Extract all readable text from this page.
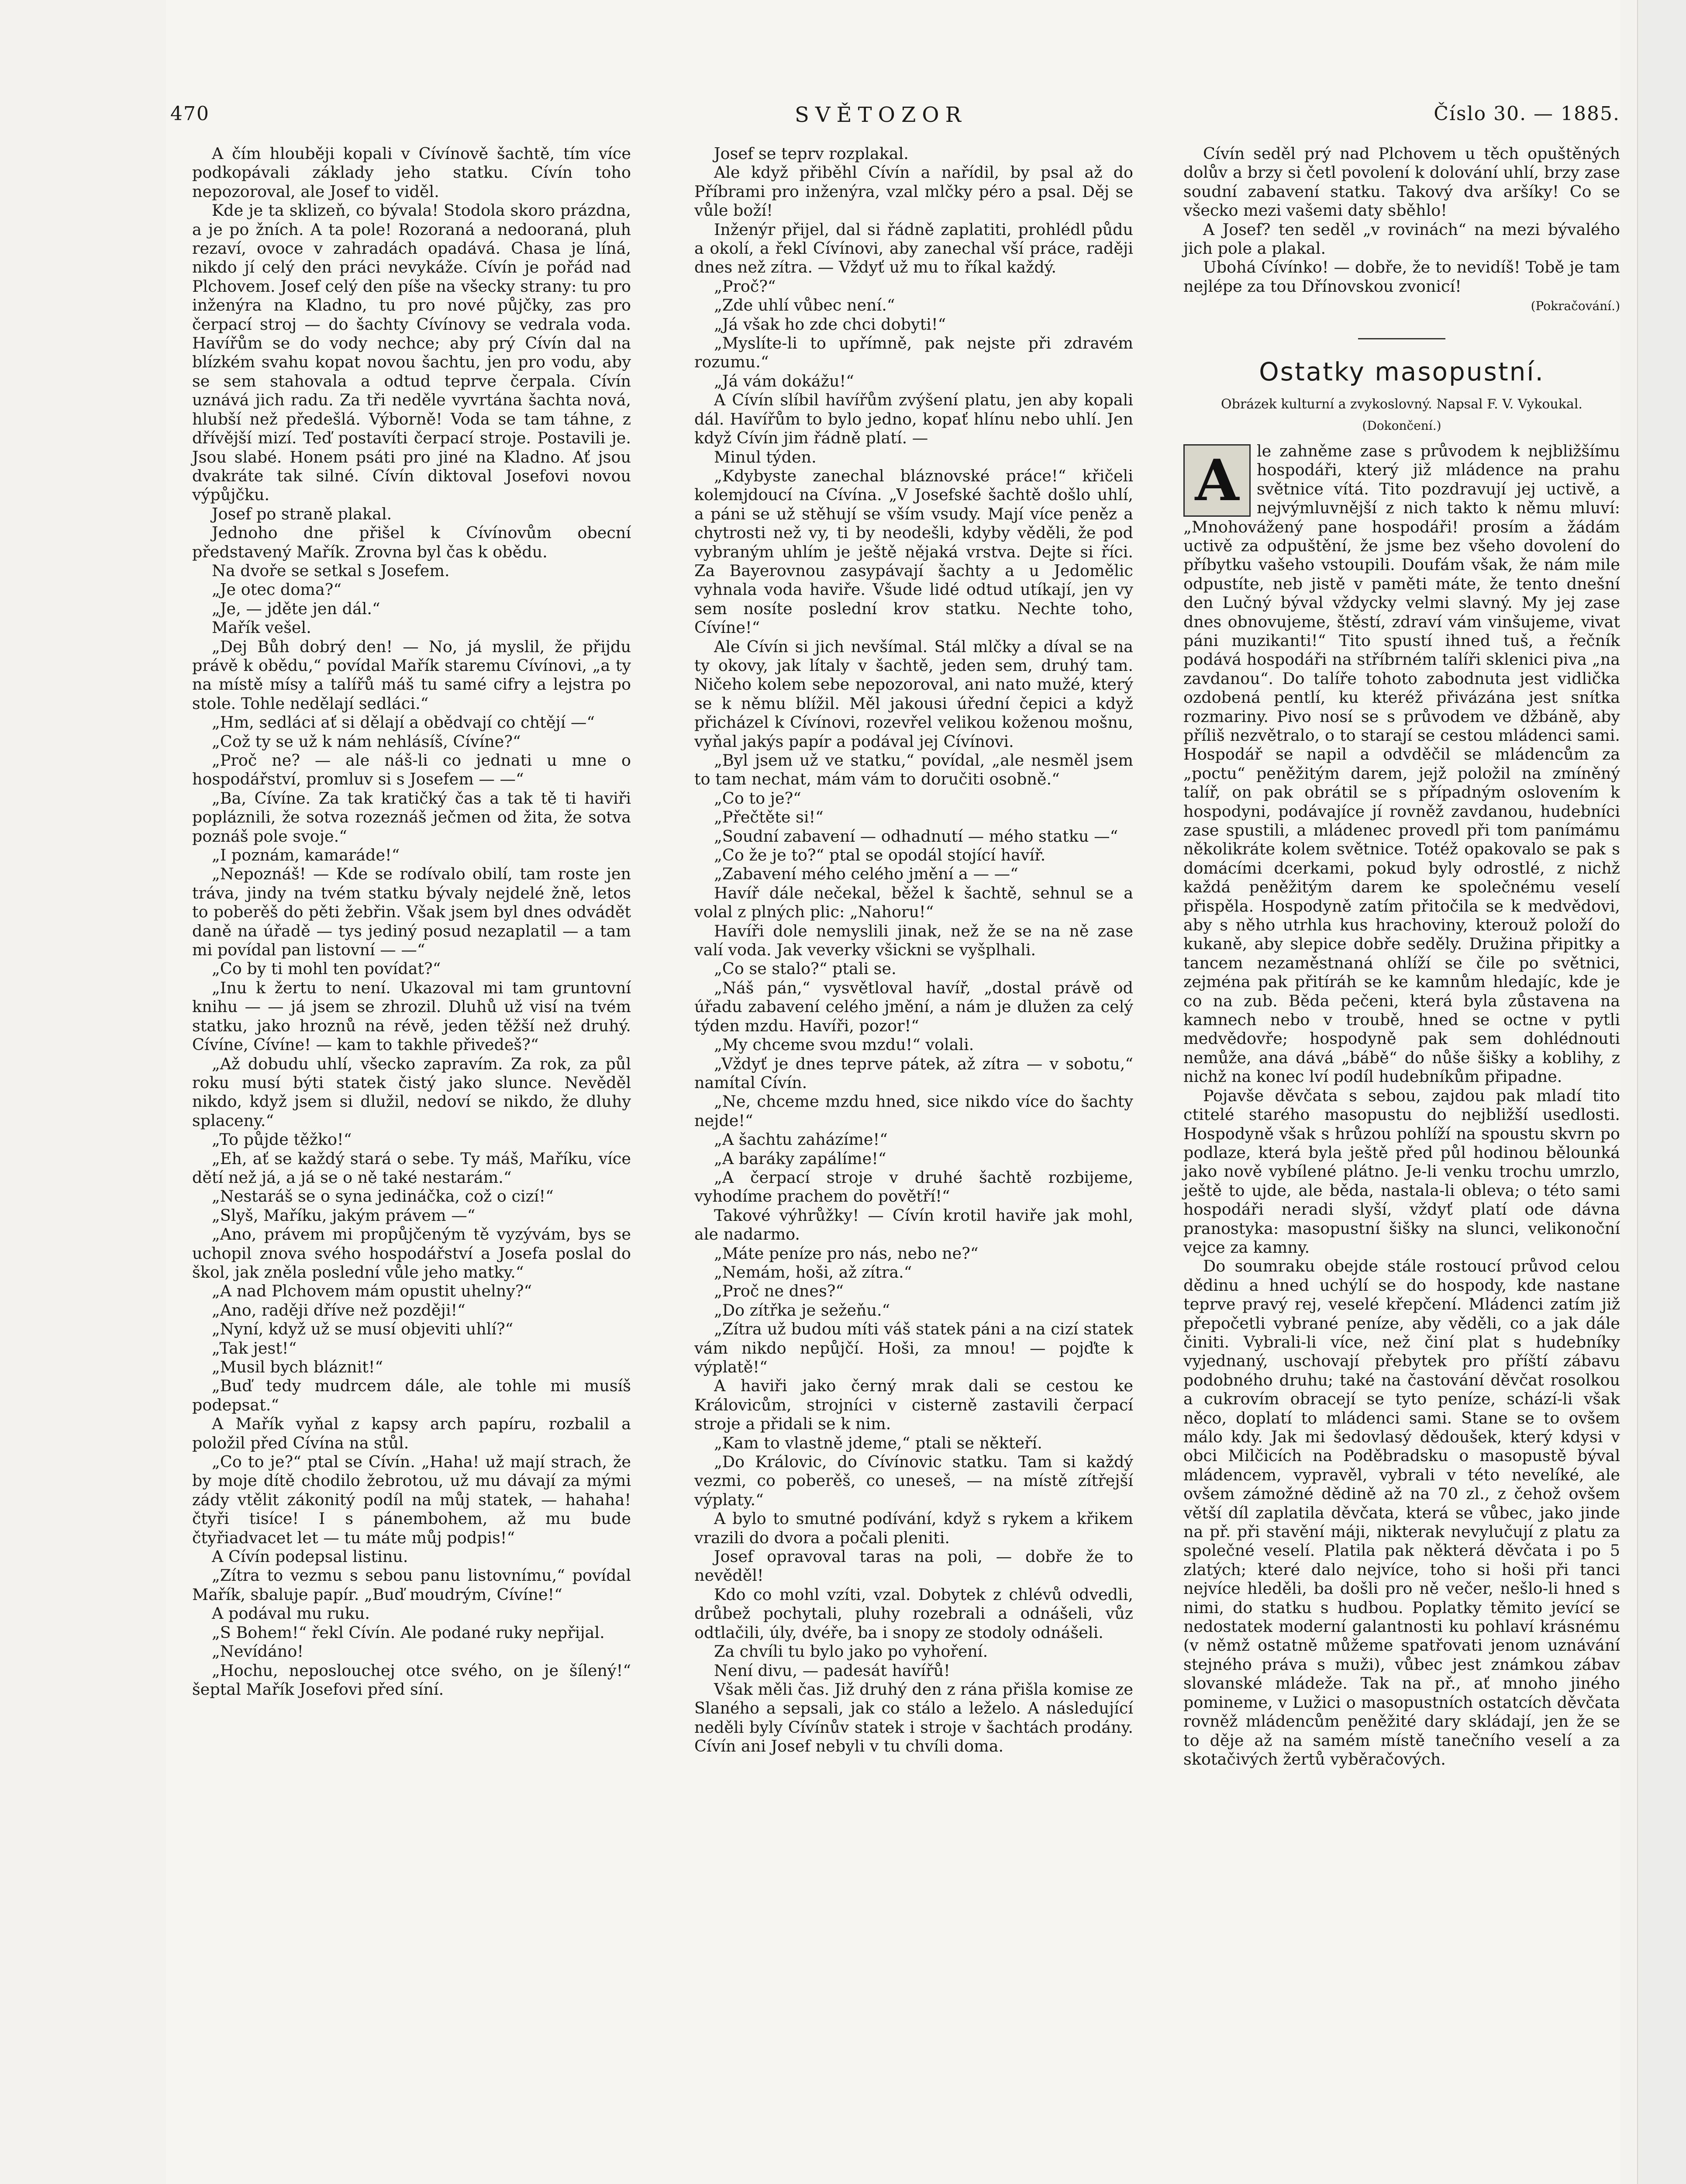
470	SVĚTOZOR	Číslo 30. — 1885.

A čím hlouběji kopali v Cívínově šachtě, tím více podkopávali základy jeho statku. Cívín toho nepozoroval, ale Josef to viděl.

Kde je ta sklizeň, co bývala! Stodola skoro prázdna, a je po žních. A ta pole! Rozoraná a nedooraná, pluh rezaví, ovoce v zahradách opadává. Chasa je líná, nikdo jí celý den práci nevykáže. Cívín je pořád nad Plchovem. Josef celý den píše na všecky strany: tu pro inženýra na Kladno, tu pro nové půjčky, zas pro čerpací stroj — do šachty Cívínovy se vedrala voda. Havířům se do vody nechce; aby prý Cívín dal na blízkém svahu kopat novou šachtu, jen pro vodu, aby se sem stahovala a odtud teprve čerpala. Cívín uznává jich radu. Za tři neděle vyvrtána šachta nová, hlubší než předešlá. Výborně! Voda se tam táhne, z dřívější mizí. Teď postavíti čerpací stroje. Postavili je. Jsou slabé. Honem psáti pro jiné na Kladno. Ať jsou dvakráte tak silné. Cívín diktoval Josefovi novou výpůjčku.

Josef po straně plakal.

Jednoho dne přišel k Cívínovům obecní představený Mařík. Zrovna byl čas k obědu.

Na dvoře se setkal s Josefem.

„Je otec doma?“

„Je, — jděte jen dál.“

Mařík vešel.

„Dej Bůh dobrý den! — No, já myslil, že přijdu právě k obědu,“ povídal Mařík staremu Cívínovi, „a ty na místě mísy a talířů máš tu samé cifry a lejstra po stole. Tohle nedělají sedláci.“

„Hm, sedláci ať si dělají a obědvají co chtějí —“

„Což ty se už k nám nehlásíš, Cívíne?“

„Proč ne? — ale náš-li co jednati u mne o hospodářství, promluv si s Josefem — —“

„Ba, Cívíne. Za tak kratičký čas a tak tě ti haviři popláznili, že sotva rozeznáš ječmen od žita, že sotva poznáš pole svoje.“

„I poznám, kamaráde!“

„Nepoznáš! — Kde se rodívalo obilí, tam roste jen tráva, jindy na tvém statku bývaly nejdelé žně, letos to poberěš do pěti žebřin. Však jsem byl dnes odvádět daně na úřadě — tys jediný posud nezaplatil — a tam mi povídal pan listovní — —“

„Co by ti mohl ten povídat?“

„Inu k žertu to není. Ukazoval mi tam gruntovní knihu — — já jsem se zhrozil. Dluhů už visí na tvém statku, jako hroznů na révě, jeden těžší než druhý. Cívíne, Cívíne! — kam to takhle přivedeš?“

„Až dobudu uhlí, všecko zapravím. Za rok, za půl roku musí býti statek čistý jako slunce. Nevěděl nikdo, když jsem si dlužil, nedoví se nikdo, že dluhy splaceny.“

„To půjde těžko!“

„Eh, ať se každý stará o sebe. Ty máš, Maříku, více dětí než já, a já se o ně také nestarám.“

„Nestaráš se o syna jedináčka, což o cizí!“

„Slyš, Maříku, jakým právem —“

„Ano, právem mi propůjčeným tě vyzývám, bys se uchopil znova svého hospodářství a Josefa poslal do škol, jak zněla poslední vůle jeho matky.“

„A nad Plchovem mám opustit uhelny?“

„Ano, raději dříve než později!“

„Nyní, když už se musí objeviti uhlí?“

„Tak jest!“

„Musil bych bláznit!“

„Buď tedy mudrcem dále, ale tohle mi musíš podepsat.“

A Mařík vyňal z kapsy arch papíru, rozbalil a položil před Cívína na stůl.

„Co to je?“ ptal se Cívín. „Haha! už mají strach, že by moje dítě chodilo žebrotou, už mu dávají za mými zády vtělit zákonitý podíl na můj statek, — hahaha! čtyři tisíce! I s pánembohem, až mu bude čtyřiadvacet let — tu máte můj podpis!“

A Cívín podepsal listinu.

„Zítra to vezmu s sebou panu listovnímu,“ povídal Mařík, sbaluje papír. „Buď moudrým, Cívíne!“

A podával mu ruku.

„S Bohem!“ řekl Cívín. Ale podané ruky nepřijal.

„Nevídáno!

„Hochu, neposlouchej otce svého, on je šílený!“ šeptal Mařík Josefovi před síní.

Josef se teprv rozplakal.

Ale když přiběhl Cívín a nařídil, by psal až do Příbrami pro inženýra, vzal mlčky péro a psal. Děj se vůle boží!

Inženýr přijel, dal si řádně zaplatiti, prohlédl půdu a okolí, a řekl Cívínovi, aby zanechal vší práce, raději dnes než zítra. — Vždyť už mu to říkal každý.

„Proč?“

„Zde uhlí vůbec není.“

„Já však ho zde chci dobyti!“

„Myslíte-li to upřímně, pak nejste při zdravém rozumu.“

„Já vám dokážu!“

A Cívín slíbil havířům zvýšení platu, jen aby kopali dál. Havířům to bylo jedno, kopať hlínu nebo uhlí. Jen když Cívín jim řádně platí. —

Minul týden.

„Kdybyste zanechal bláznovské práce!“ křičeli kolemjdoucí na Cívína. „V Josefské šachtě došlo uhlí, a páni se už stěhují se vším vsudy. Mají více peněz a chytrosti než vy, ti by neodešli, kdyby věděli, že pod vybraným uhlím je ještě nějaká vrstva. Dejte si říci. Za Bayerovnou zasypávají šachty a u Jedomělic vyhnala voda haviře. Všude lidé odtud utíkají, jen vy sem nosíte poslední krov statku. Nechte toho, Cívíne!“

Ale Cívín si jich nevšímal. Stál mlčky a díval se na ty okovy, jak lítaly v šachtě, jeden sem, druhý tam. Ničeho kolem sebe nepozoroval, ani nato mužé, který se k němu blížil. Měl jakousi úřední čepici a když přicházel k Cívínovi, rozevřel velikou koženou mošnu, vyňal jakýs papír a podával jej Cívínovi.

„Byl jsem už ve statku,“ povídal, „ale nesměl jsem to tam nechat, mám vám to doručiti osobně.“

„Co to je?“

„Přečtěte si!“

„Soudní zabavení — odhadnutí — mého statku —“

„Co že je to?“ ptal se opodál stojící havíř.

„Zabavení mého celého jmění a — —“

Havíř dále nečekal, běžel k šachtě, sehnul se a volal z plných plic: „Nahoru!“

Havíři dole nemyslili jinak, než že se na ně zase valí voda. Jak veverky všickni se vyšplhali.

„Co se stalo?“ ptali se.

„Náš pán,“ vysvětloval havíř, „dostal právě od úřadu zabavení celého jmění, a nám je dlužen za celý týden mzdu. Havíři, pozor!“

„My chceme svou mzdu!“ volali.

„Vždyť je dnes teprve pátek, až zítra — v sobotu,“ namítal Cívín.

„Ne, chceme mzdu hned, sice nikdo více do šachty nejde!“

„A šachtu zaházíme!“

„A baráky zapálíme!“

„A čerpací stroje v druhé šachtě rozbijeme, vyhodíme prachem do povětří!“

Takové výhrůžky! — Cívín krotil haviře jak mohl, ale nadarmo.

„Máte peníze pro nás, nebo ne?“

„Nemám, hoši, až zítra.“

„Proč ne dnes?“

„Do zítřka je sežeňu.“

„Zítra už budou míti váš statek páni a na cizí statek vám nikdo nepůjčí. Hoši, za mnou! — pojďte k výplatě!“

A haviři jako černý mrak dali se cestou ke Královicům, strojníci v cisterně zastavili čerpací stroje a přidali se k nim.

„Kam to vlastně jdeme,“ ptali se někteří.

„Do Královic, do Cívínovic statku. Tam si každý vezmi, co poberěš, co uneseš, — na místě zítřejší výplaty.“

A bylo to smutné podívání, když s rykem a křikem vrazili do dvora a počali pleniti.

Josef opravoval taras na poli, — dobře že to nevěděl!

Kdo co mohl vzíti, vzal. Dobytek z chlévů odvedli, drůbež pochytali, pluhy rozebrali a odnášeli, vůz odtlačili, úly, dvéře, ba i snopy ze stodoly odnášeli.

Za chvíli tu bylo jako po vyhoření.

Není divu, — padesát havířů!

Však měli čas. Již druhý den z rána přišla komise ze Slaného a sepsali, jak co stálo a leželo. A následující neděli byly Cívínův statek i stroje v šachtách prodány. Cívín ani Josef nebyli v tu chvíli doma.

Cívín seděl prý nad Plchovem u těch opuštěných dolův a brzy si četl povolení k dolování uhlí, brzy zase soudní zabavení statku. Takový dva aršíky! Co se všecko mezi vašemi daty sběhlo!

A Josef? ten seděl „v rovinách“ na mezi bývalého jich pole a plakal.

Ubohá Cívínko! — dobře, že to nevidíš! Tobě je tam nejlépe za tou Dřínovskou zvonicí!

(Pokračování.)

Ostatky masopustní.

Obrázek kulturní a zvykoslovný. Napsal F. V. Vykoukal.

(Dokončení.)

A	le zahněme zase s průvodem k nejbližšímu hospodáři, který již mládence na prahu světnice vítá. Tito pozdravují jej uctivě, a nejvýmluvnější z nich takto k němu mluví: „Mnohovážený pane hospodáři! prosím a žádám uctivě za odpuštění, že jsme bez všeho dovolení do příbytku vašeho vstoupili. Doufám však, že nám mile odpustíte, neb jistě v paměti máte, že tento dnešní den Lučný býval vždycky velmi slavný. My jej zase dnes obnovujeme, štěstí, zdraví vám vinšujeme, vivat páni muzikanti!“ Tito spustí ihned tuš, a řečník podává hospodáři na stříbrném talíři sklenici piva „na zavdanou“. Do talíře tohoto zabodnuta jest vidlička ozdobená pentlí, ku kteréž přivázána jest snítka rozmariny. Pivo nosí se s průvodem ve džbáně, aby příliš nezvětralo, o to starají se cestou mládenci sami. Hospodář se napil a odvděčil se mládencům za „poctu“ peněžitým darem, jejž položil na zmíněný talíř, on pak obrátil se s případným oslovením k hospodyni, podávajíce jí rovněž zavdanou, hudebníci zase spustili, a mládenec provedl při tom panímámu několikráte kolem světnice. Totéž opakovalo se pak s domácími dcerkami, pokud byly odrostlé, z nichž každá peněžitým darem ke společnému veselí přispěla. Hospodyně zatím přitočila se k medvědovi, aby s něho utrhla kus hrachoviny, kterouž položí do kukaně, aby slepice dobře seděly. Družina připitky a tancem nezaměstnaná ohlíží se čile po světnici, zejména pak přitíráh se ke kamnům hledajíc, kde je co na zub. Běda pečeni, která byla zůstavena na kamnech nebo v troubě, hned se octne v pytli medvědovře; hospodyně pak sem dohlédnouti nemůže, ana dává „bábě“ do nůše šišky a koblihy, z nichž na konec lví podíl hudebníkům připadne.

Pojavše děvčata s sebou, zajdou pak mladí tito ctitelé starého masopustu do nejbližší usedlosti. Hospodyně však s hrůzou pohlíží na spoustu skvrn po podlaze, která byla ještě před půl hodinou bělounká jako nově vybílené plátno. Je-li venku trochu umrzlo, ještě to ujde, ale běda, nastala-li obleva; o této sami hospodáři neradi slyší, vždyť platí ode dávna pranostyka: masopustní šišky na slunci, velikonoční vejce za kamny.

Do soumraku obejde stále rostoucí průvod celou dědinu a hned uchýlí se do hospody, kde nastane teprve pravý rej, veselé křepčení. Mládenci zatím již přepočetli vybrané peníze, aby věděli, co a jak dále činiti. Vybrali-li více, než činí plat s hudebníky vyjednaný, uschovají přebytek pro příští zábavu podobného druhu; také na častování děvčat rosolkou a cukrovím obracejí se tyto peníze, schází-li však něco, doplatí to mládenci sami. Stane se to ovšem málo kdy. Jak mi šedovlasý dědoušek, který kdysi v obci Milčicích na Poděbradsku o masopustě býval mládencem, vypravěl, vybrali v této nevelíké, ale ovšem zámožné dědině až na 70 zl., z čehož ovšem větší díl zaplatila děvčata, která se vůbec, jako jinde na př. při stavění máji, nikterak nevylučují z platu za společné veselí. Platila pak některá děvčata i po 5 zlatých; které dalo nejvíce, toho si hoši při tanci nejvíce hleděli, ba došli pro ně večer, nešlo-li hned s nimi, do statku s hudbou. Poplatky těmito jevící se nedostatek moderní galantnosti ku pohlaví krásnému (v němž ostatně můžeme spatřovati jenom uznávání stejného práva s muži), vůbec jest známkou zábav slovanské mládeže. Tak na př., ať mnoho jiného pomineme, v Lužici o masopustních ostatcích děvčata rovněž mládencům peněžité dary skládají, jen že se to děje až na samém místě tanečního veselí a za skotačivých žertů vyběračových.
